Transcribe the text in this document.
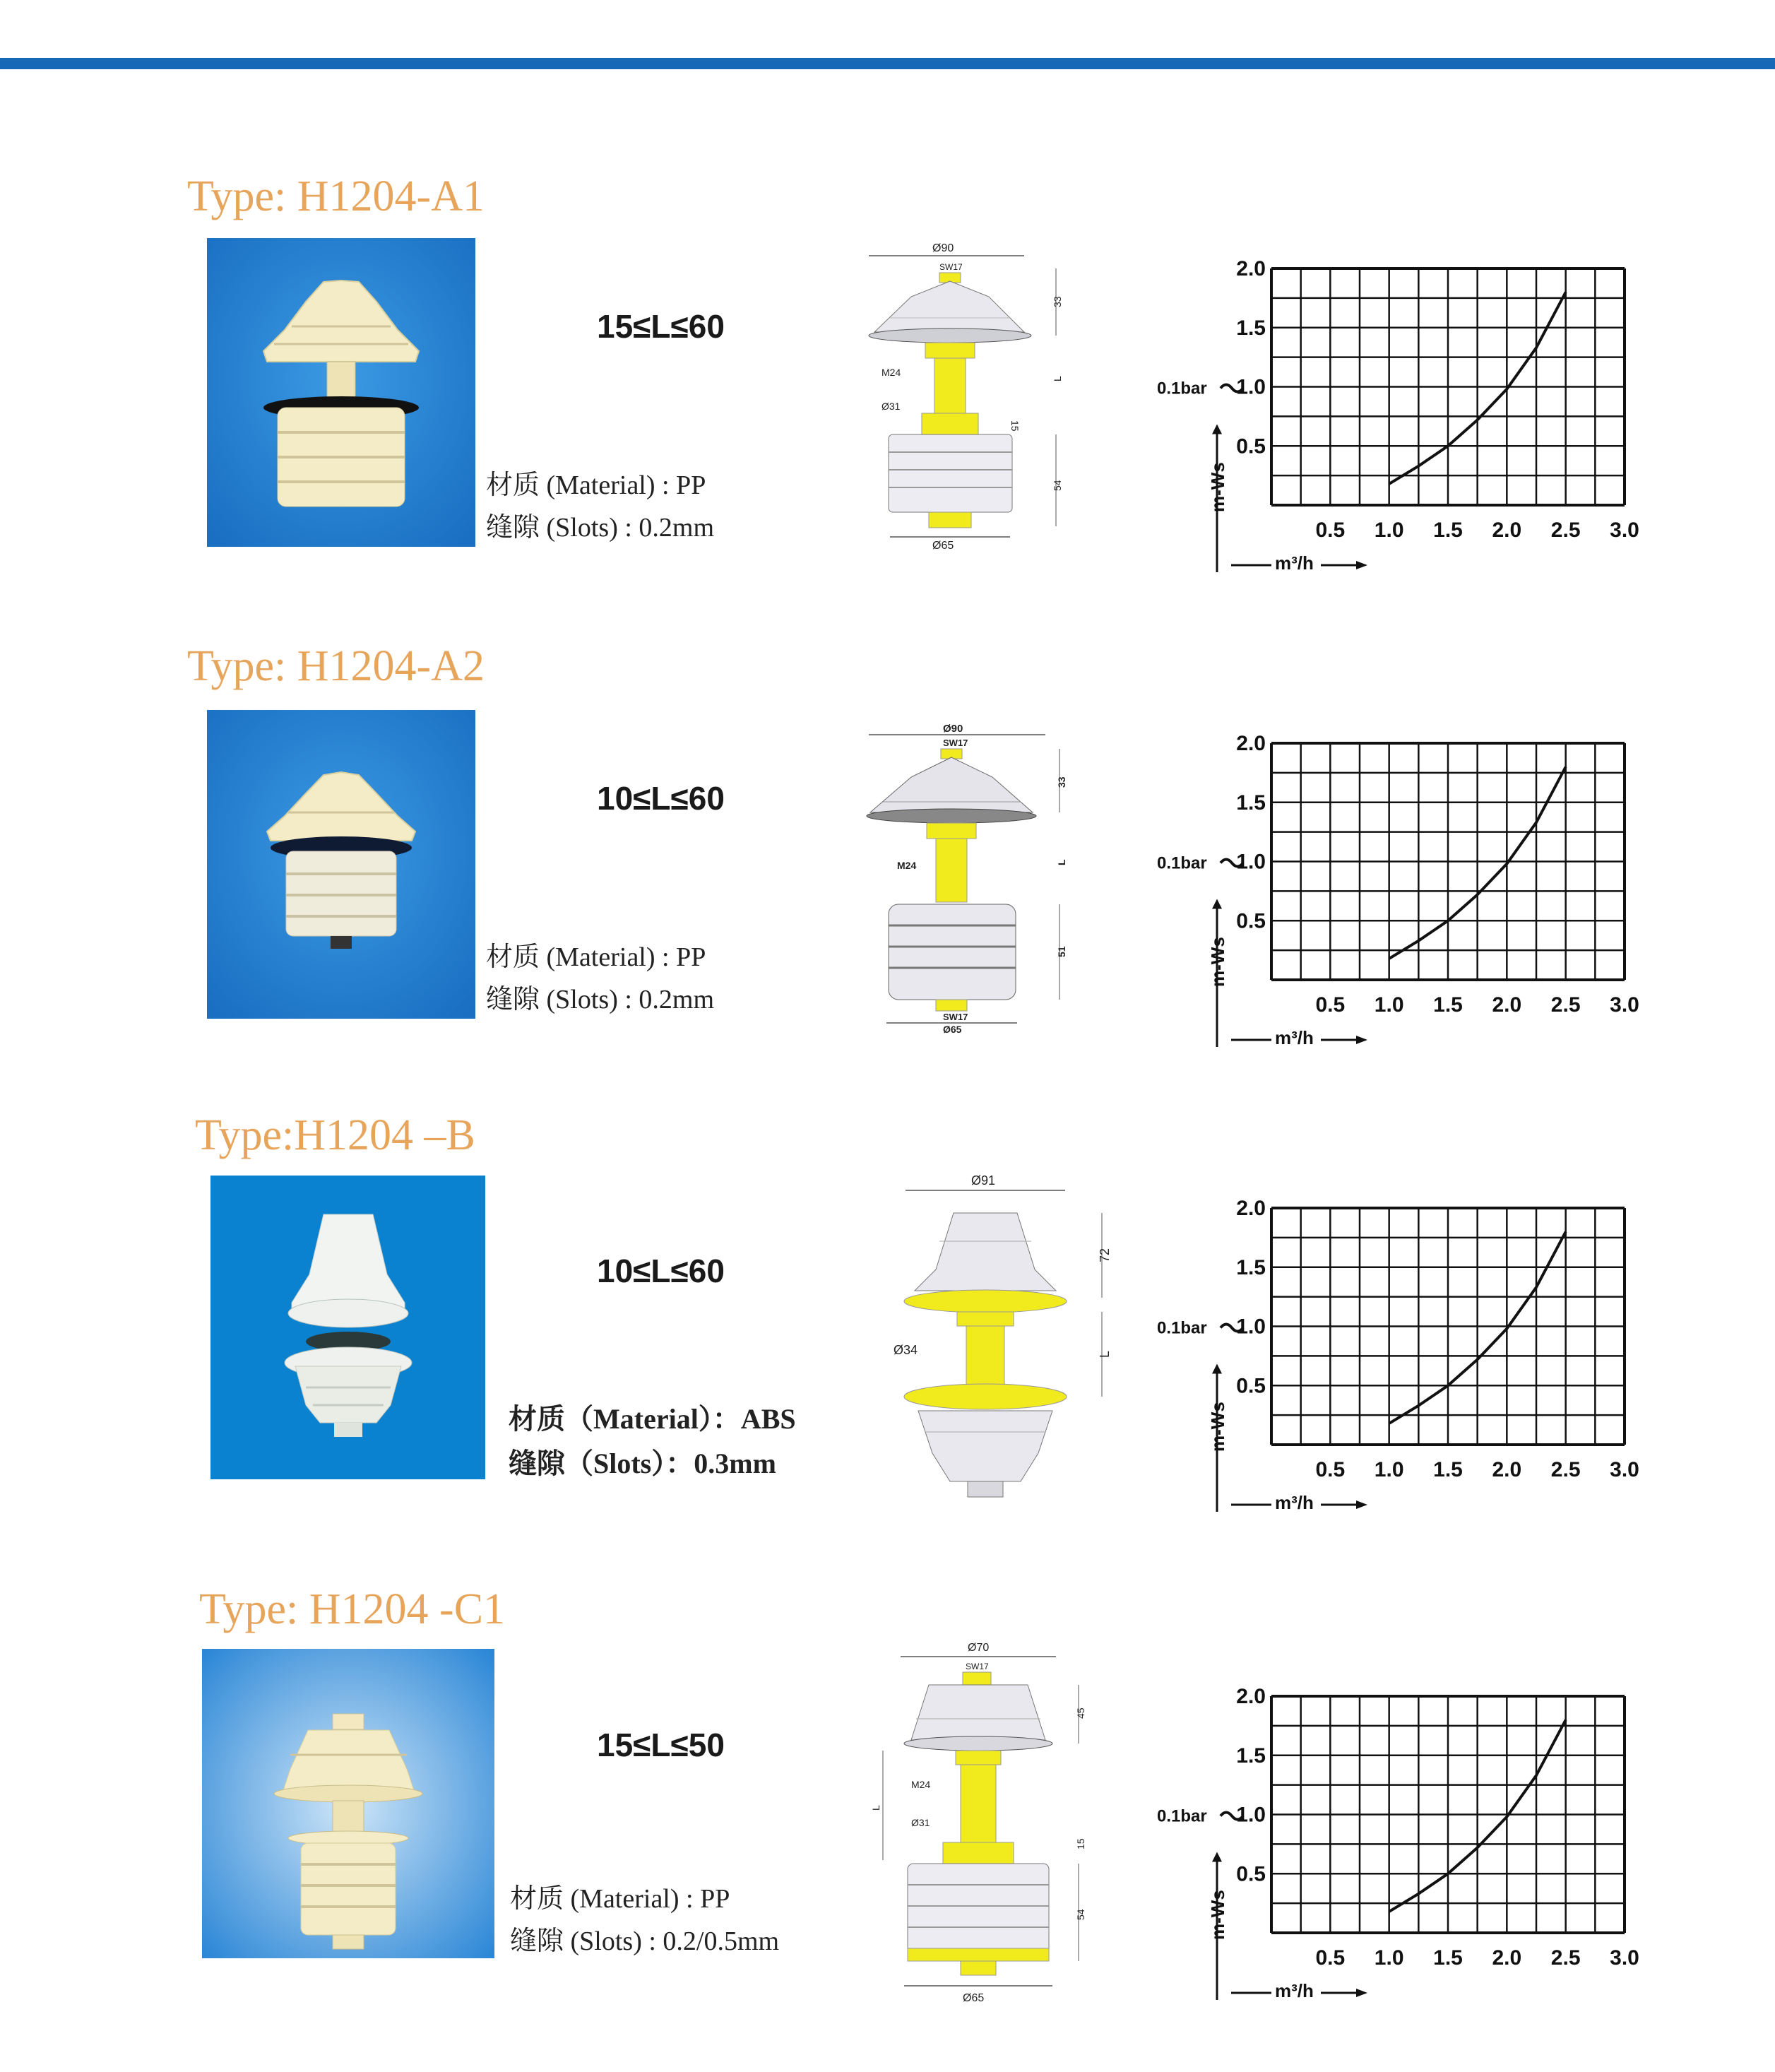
Type: H1204-A1
15≤L≤60
材质 (Material) : PP
缝隙 (Slots) : 0.2mm
Ø90
SW17
M24
Ø31
Ø65
33
L
15
54
0.5
1.0
1.5
2.0
0.5 1.0 1.5 2.0 2.5 3.0
0.1bar
m-Ws
m³/h
Type: H1204-A2
10≤L≤60
材质 (Material) : PP
缝隙 (Slots) : 0.2mm
Ø90
SW17
M24
SW17
Ø65
33
L
51
0.5
1.0
1.5
2.0
0.5 1.0 1.5 2.0 2.5 3.0
0.1bar
m-Ws
m³/h
Type:H1204 –B
10≤L≤60
材质（Material）：ABS
缝隙（Slots）：0.3mm
Ø91
Ø34
72
L
0.5
1.0
1.5
2.0
0.5 1.0 1.5 2.0 2.5 3.0
0.1bar
m-Ws
m³/h
Type: H1204 -C1
15≤L≤50
材质 (Material) : PP
缝隙 (Slots) : 0.2/0.5mm
Ø70
SW17
M24
Ø31
Ø65
45
L
15
54
0.5
1.0
1.5
2.0
0.5 1.0 1.5 2.0 2.5 3.0
0.1bar
m-Ws
m³/h
